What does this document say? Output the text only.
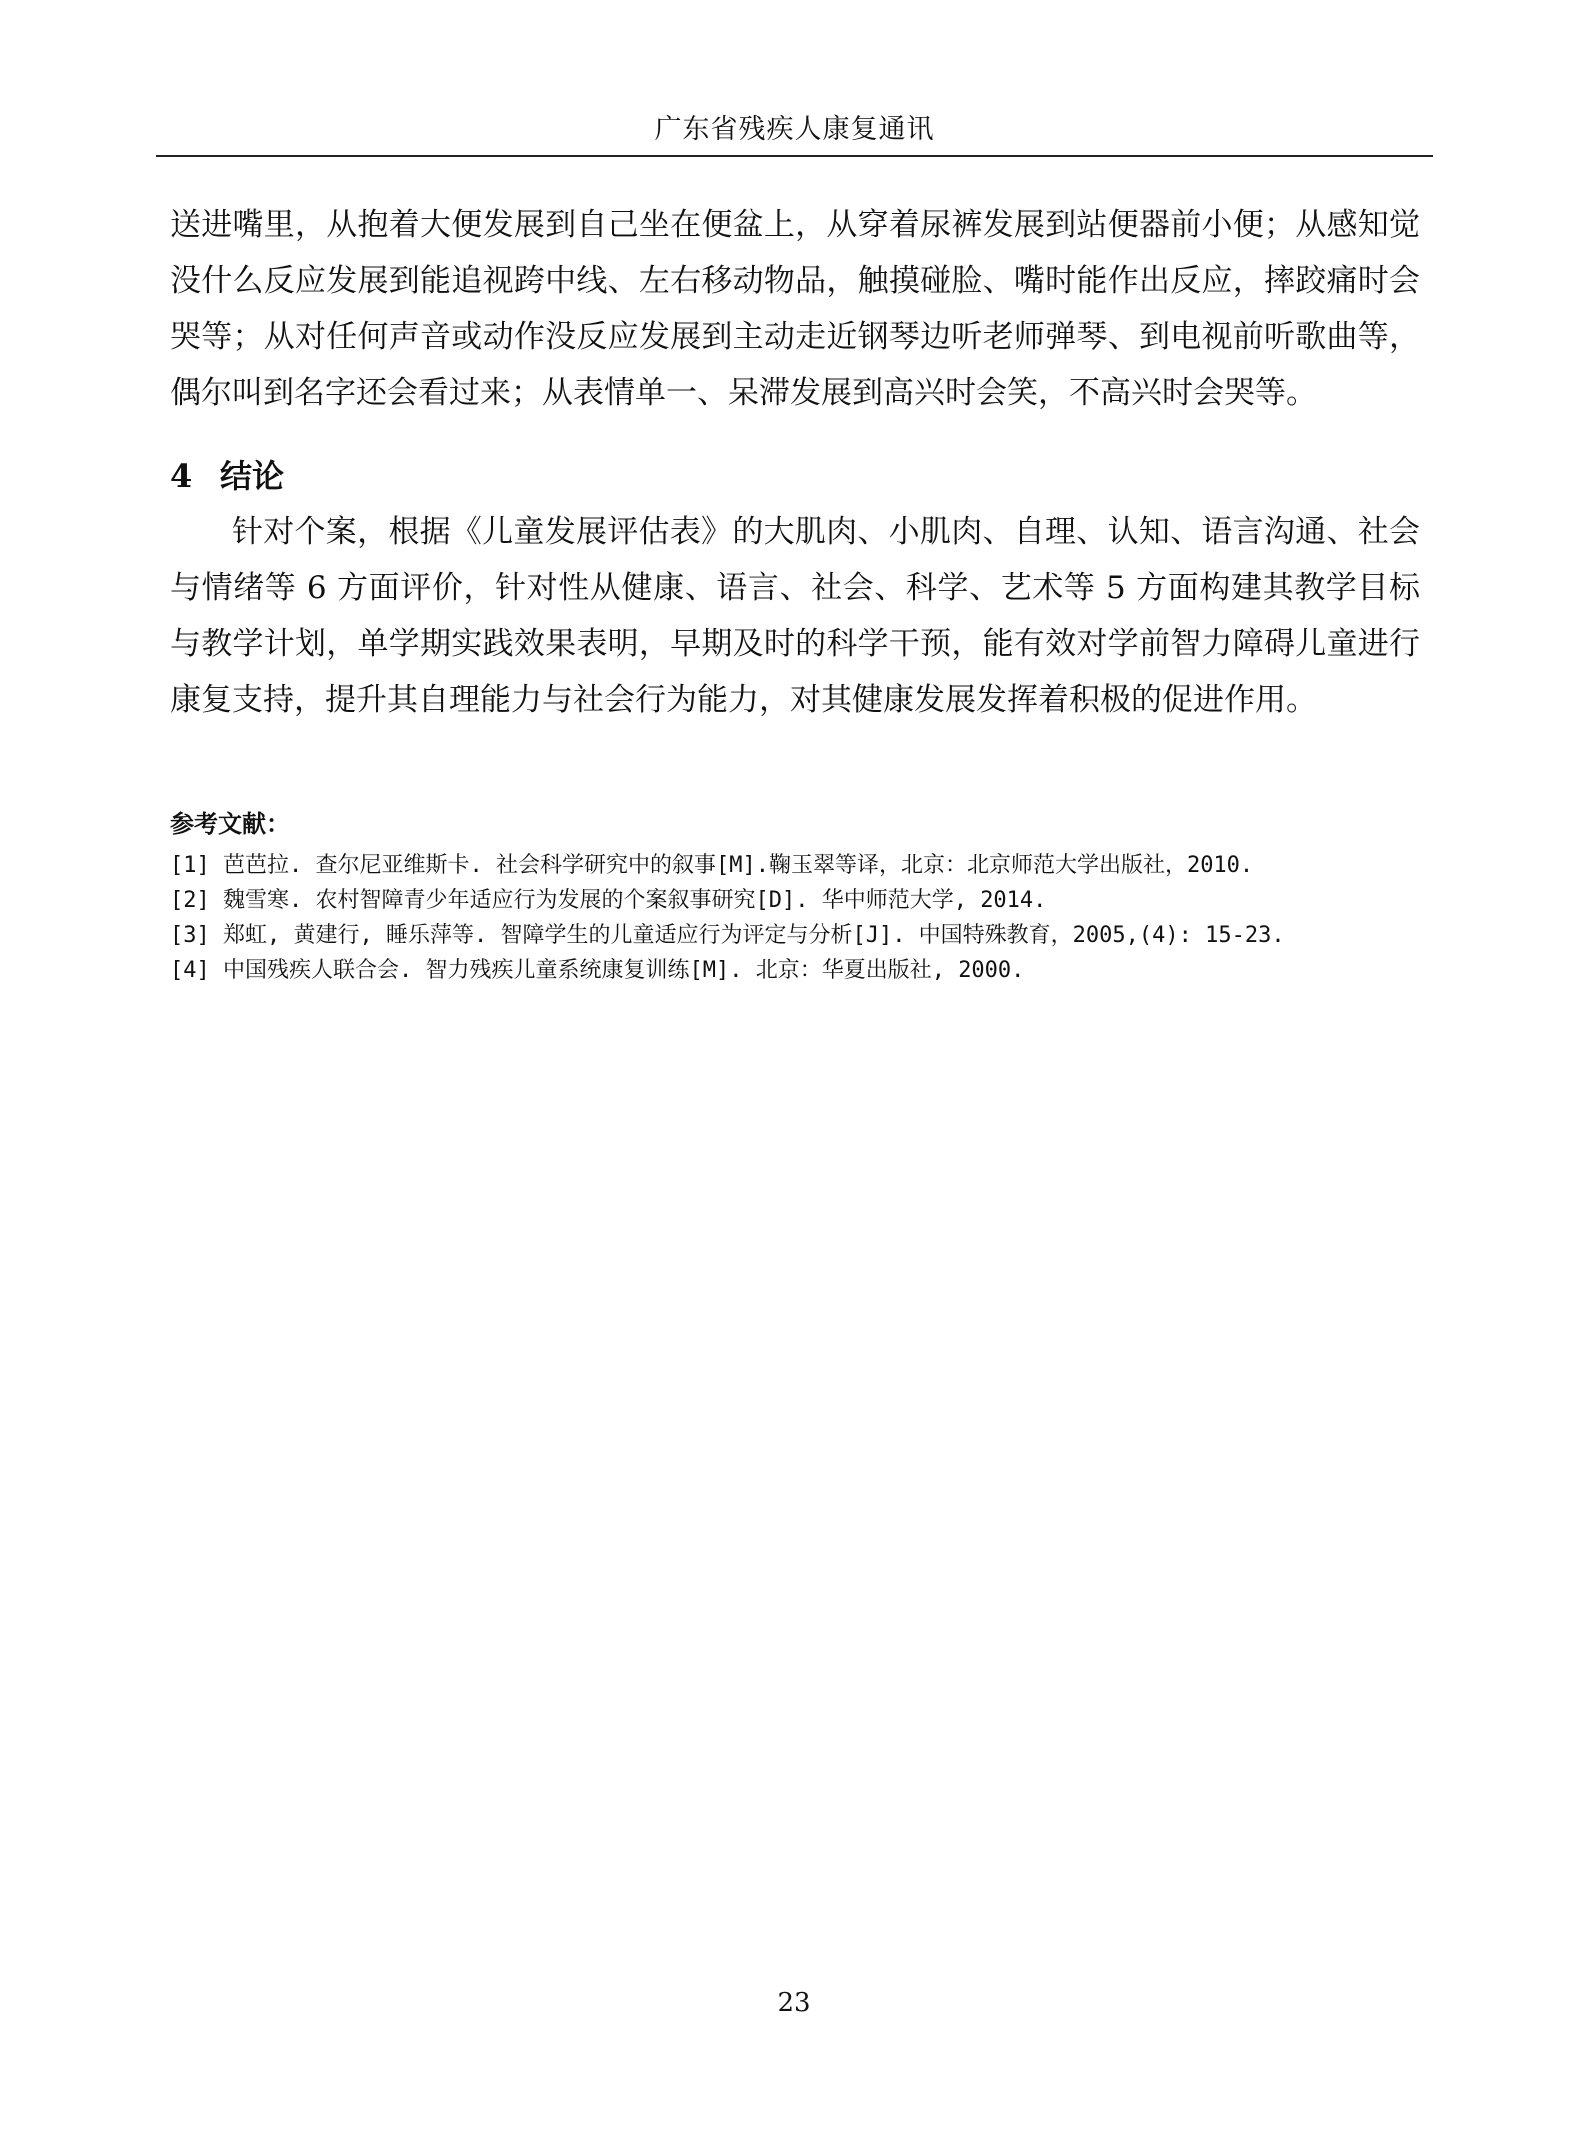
广东省残疾人康复通讯

送进嘴里，从抱着大便发展到自己坐在便盆上，从穿着尿裤发展到站便器前小便；从感知觉没什么反应发展到能追视跨中线、左右移动物品，触摸碰脸、嘴时能作出反应，摔跤痛时会哭等；从对任何声音或动作没反应发展到主动走近钢琴边听老师弹琴、到电视前听歌曲等，偶尔叫到名字还会看过来；从表情单一、呆滞发展到高兴时会笑，不高兴时会哭等。

4 结论

针对个案，根据《儿童发展评估表》的大肌肉、小肌肉、自理、认知、语言沟通、社会与情绪等 6 方面评价，针对性从健康、语言、社会、科学、艺术等 5 方面构建其教学目标与教学计划，单学期实践效果表明，早期及时的科学干预，能有效对学前智力障碍儿童进行康复支持，提升其自理能力与社会行为能力，对其健康发展发挥着积极的促进作用。

参考文献：
[1] 芭芭拉. 查尔尼亚维斯卡. 社会科学研究中的叙事[M].鞠玉翠等译，北京：北京师范大学出版社，2010.
[2] 魏雪寒. 农村智障青少年适应行为发展的个案叙事研究[D]. 华中师范大学, 2014.
[3] 郑虹, 黄建行, 睡乐萍等. 智障学生的儿童适应行为评定与分析[J]. 中国特殊教育，2005,(4): 15-23.
[4] 中国残疾人联合会. 智力残疾儿童系统康复训练[M]. 北京：华夏出版社, 2000.
23
